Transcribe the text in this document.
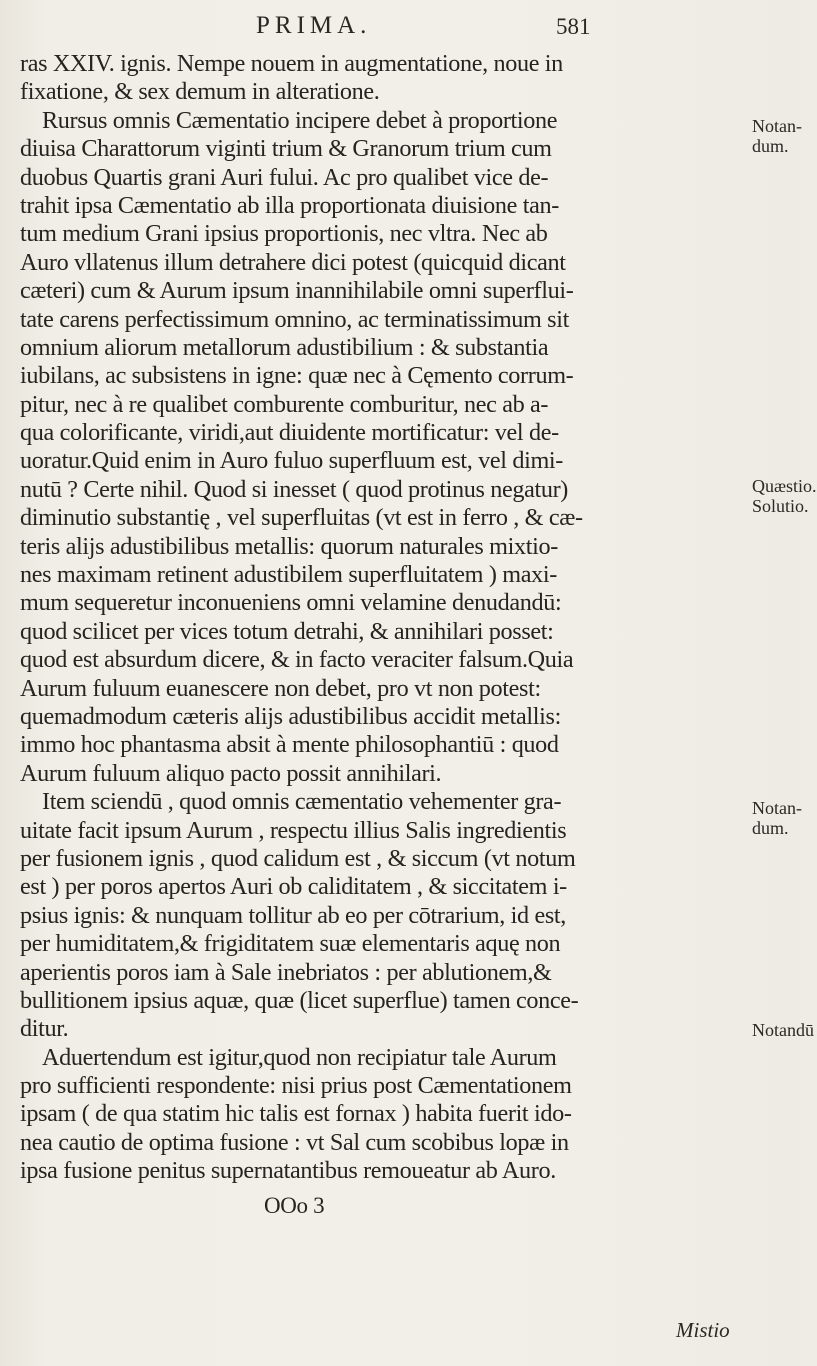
PRIMA.	581
ras XXIV. ignis. Nempe nouem in augmentatione, noue in
fixatione, & sex demum in alteratione.
Rursus omnis Cæmentatio incipere debet à proportione
diuisa Charattorum viginti trium & Granorum trium cum
duobus Quartis grani Auri fului. Ac pro qualibet vice de-
trahit ipsa Cæmentatio ab illa proportionata diuisione tan-
tum medium Grani ipsius proportionis, nec vltra. Nec ab
Auro vllatenus illum detrahere dici potest (quicquid dicant
cæteri) cum & Aurum ipsum inannihilabile omni superflui-
tate carens perfectissimum omnino, ac terminatissimum sit
omnium aliorum metallorum adustibilium : & substantia
iubilans, ac subsistens in igne: quæ nec à Cęmento corrum-
pitur, nec à re qualibet comburente comburitur, nec ab a-
qua colorificante, viridi,aut diuidente mortificatur: vel de-
uoratur.Quid enim in Auro fuluo superfluum est, vel dimi-
nutū ? Certe nihil. Quod si inesset ( quod protinus negatur)
diminutio substantię , vel superfluitas (vt est in ferro , & cæ-
teris alijs adustibilibus metallis: quorum naturales mixtio-
nes maximam retinent adustibilem superfluitatem ) maxi-
mum sequeretur inconueniens omni velamine denudandū:
quod scilicet per vices totum detrahi, & annihilari posset:
quod est absurdum dicere, & in facto veraciter falsum.Quia
Aurum fuluum euanescere non debet, pro vt non potest:
quemadmodum cæteris alijs adustibilibus accidit metallis:
immo hoc phantasma absit à mente philosophantiū : quod
Aurum fuluum aliquo pacto possit annihilari.
Item sciendū , quod omnis cæmentatio vehementer gra-
uitate facit ipsum Aurum , respectu illius Salis ingredientis
per fusionem ignis , quod calidum est , & siccum (vt notum
est ) per poros apertos Auri ob caliditatem , & siccitatem i-
psius ignis: & nunquam tollitur ab eo per cōtrarium, id est,
per humiditatem,& frigiditatem suæ elementaris aquę non
aperientis poros iam à Sale inebriatos : per ablutionem,&
bullitionem ipsius aquæ, quæ (licet superflue) tamen conce-
ditur.
Aduertendum est igitur,quod non recipiatur tale Aurum
pro sufficienti respondente: nisi prius post Cæmentationem
ipsam ( de qua statim hic talis est fornax ) habita fuerit ido-
nea cautio de optima fusione : vt Sal cum scobibus lopæ in
ipsa fusione penitus supernatantibus remoueatur ab Auro.
OOo 3
Notan-
dum.
Quæstio.
Solutio.
Notan-
dum.
Notandū
Mistio
